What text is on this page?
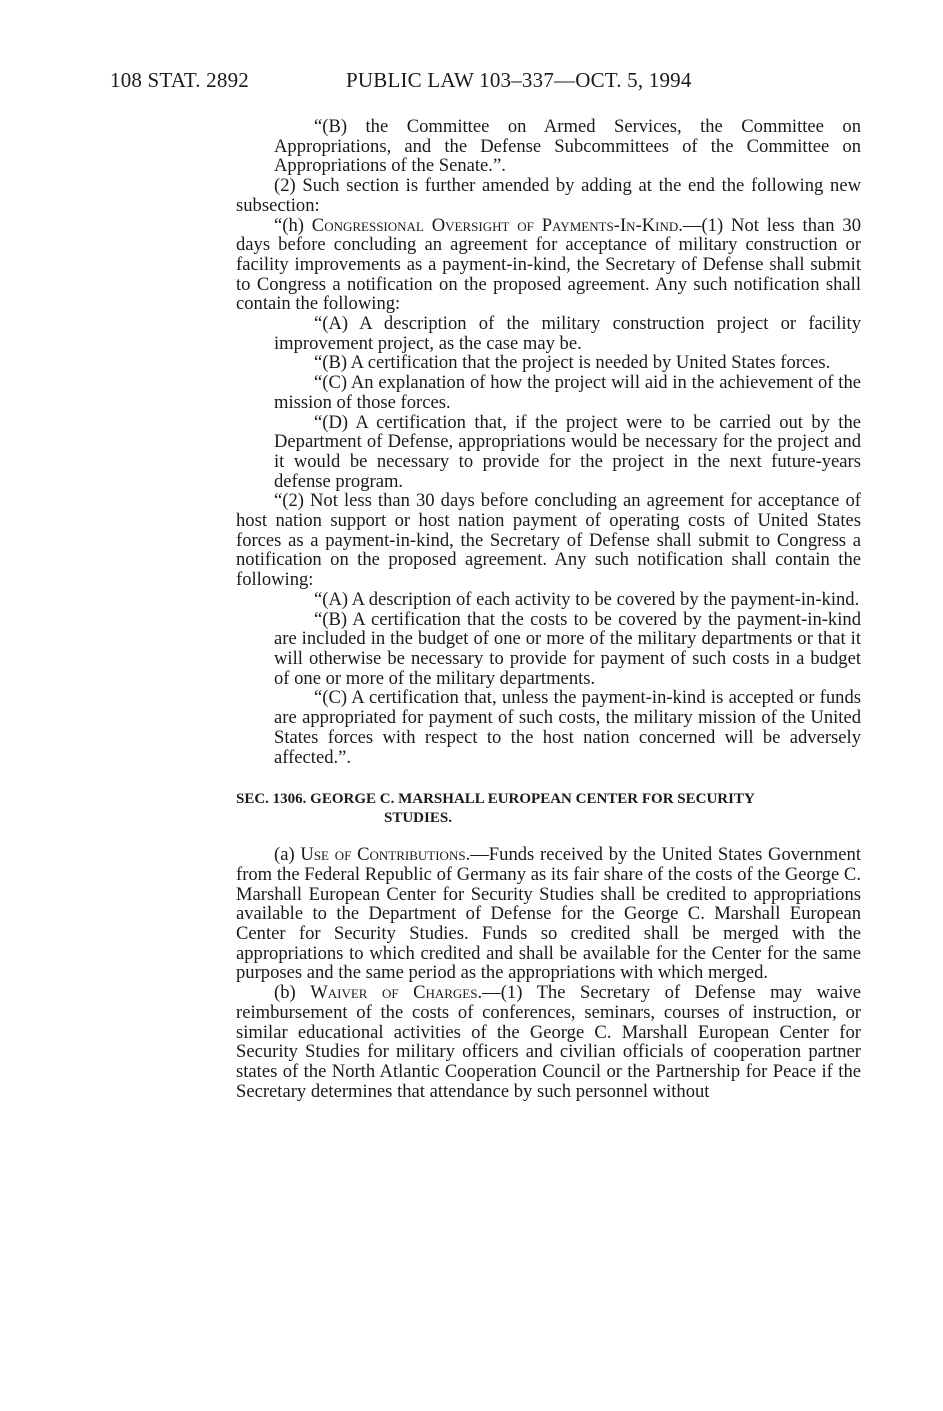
108 STAT. 2892	PUBLIC LAW 103–337—OCT. 5, 1994

“(B) the Committee on Armed Services, the Committee on Appropriations, and the Defense Subcommittees of the Committee on Appropriations of the Senate.”.

(2) Such section is further amended by adding at the end the following new subsection:

“(h) Congressional Oversight of Payments-In-Kind.—(1) Not less than 30 days before concluding an agreement for acceptance of military construction or facility improvements as a payment-in-kind, the Secretary of Defense shall submit to Congress a notification on the proposed agreement. Any such notification shall contain the following:

“(A) A description of the military construction project or facility improvement project, as the case may be.

“(B) A certification that the project is needed by United States forces.

“(C) An explanation of how the project will aid in the achievement of the mission of those forces.

“(D) A certification that, if the project were to be carried out by the Department of Defense, appropriations would be necessary for the project and it would be necessary to provide for the project in the next future-years defense program.

“(2) Not less than 30 days before concluding an agreement for acceptance of host nation support or host nation payment of operating costs of United States forces as a payment-in-kind, the Secretary of Defense shall submit to Congress a notification on the proposed agreement. Any such notification shall contain the following:

“(A) A description of each activity to be covered by the payment-in-kind.

“(B) A certification that the costs to be covered by the payment-in-kind are included in the budget of one or more of the military departments or that it will otherwise be necessary to provide for payment of such costs in a budget of one or more of the military departments.

“(C) A certification that, unless the payment-in-kind is accepted or funds are appropriated for payment of such costs, the military mission of the United States forces with respect to the host nation concerned will be adversely affected.”.

SEC. 1306. GEORGE C. MARSHALL EUROPEAN CENTER FOR SECURITY
STUDIES.

(a) Use of Contributions.—Funds received by the United States Government from the Federal Republic of Germany as its fair share of the costs of the George C. Marshall European Center for Security Studies shall be credited to appropriations available to the Department of Defense for the George C. Marshall European Center for Security Studies. Funds so credited shall be merged with the appropriations to which credited and shall be available for the Center for the same purposes and the same period as the appropriations with which merged.

(b) Waiver of Charges.—(1) The Secretary of Defense may waive reimbursement of the costs of conferences, seminars, courses of instruction, or similar educational activities of the George C. Marshall European Center for Security Studies for military officers and civilian officials of cooperation partner states of the North Atlantic Cooperation Council or the Partnership for Peace if the Secretary determines that attendance by such personnel without
